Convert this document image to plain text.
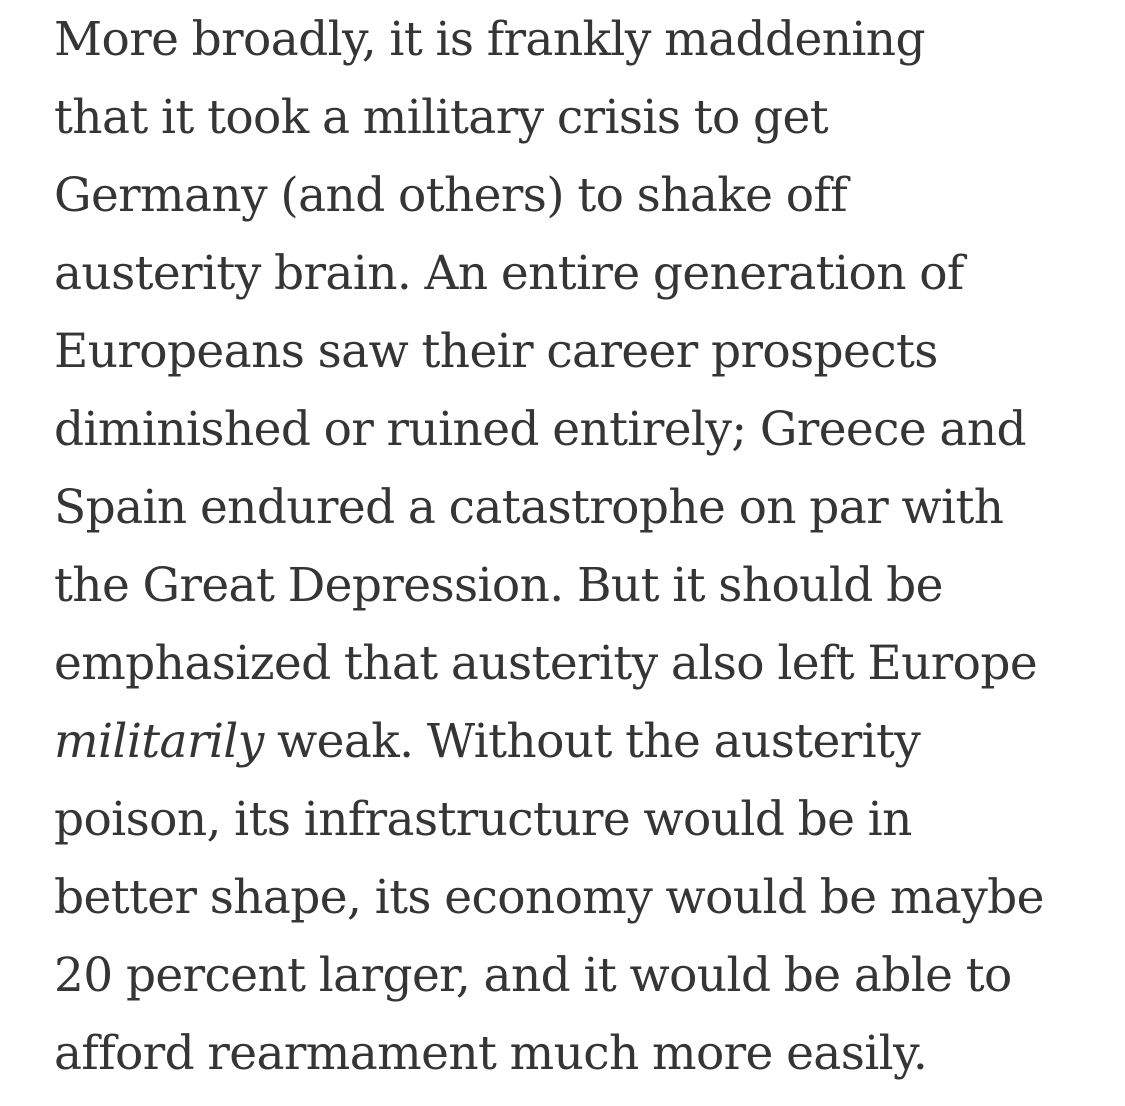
More broadly, it is frankly maddening
that it took a military crisis to get
Germany (and others) to shake off
austerity brain. An entire generation of
Europeans saw their career prospects
diminished or ruined entirely; Greece and
Spain endured a catastrophe on par with
the Great Depression. But it should be
emphasized that austerity also left Europe
militarily weak. Without the austerity
poison, its infrastructure would be in
better shape, its economy would be maybe
20 percent larger, and it would be able to
afford rearmament much more easily.
